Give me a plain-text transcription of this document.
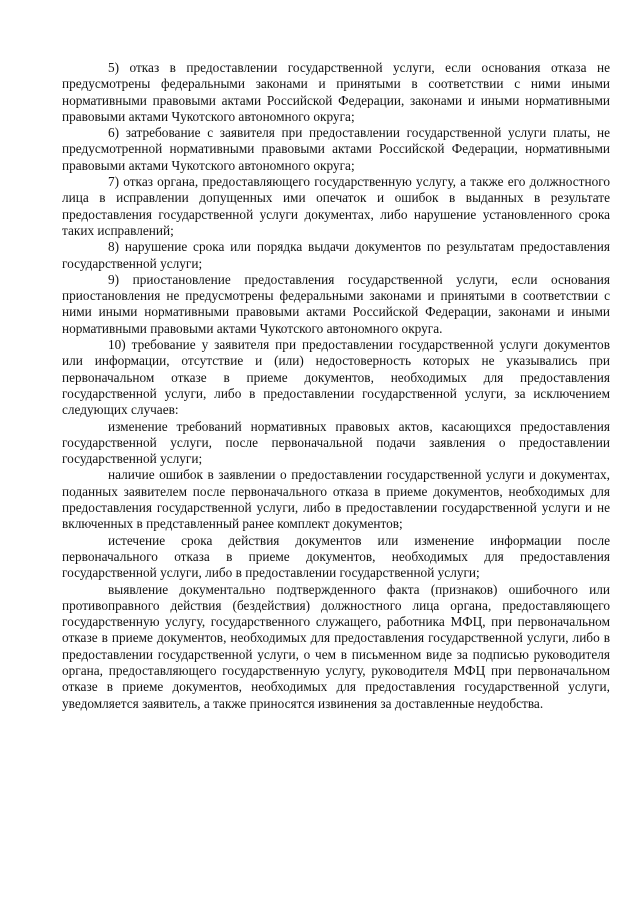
5) отказ в предоставлении государственной услуги, если основания отказа не предусмотрены федеральными законами и принятыми в соответствии с ними иными нормативными правовыми актами Российской Федерации, законами и иными нормативными правовыми актами Чукотского автономного округа;

6) затребование с заявителя при предоставлении государственной услуги платы, не предусмотренной нормативными правовыми актами Российской Федерации, нормативными правовыми актами Чукотского автономного округа;

7) отказ органа, предоставляющего государственную услугу, а также его должностного лица в исправлении допущенных ими опечаток и ошибок в выданных в результате предоставления государственной услуги документах, либо нарушение установленного срока таких исправлений;

8) нарушение срока или порядка выдачи документов по результатам предоставления государственной услуги;

9) приостановление предоставления государственной услуги, если основания приостановления не предусмотрены федеральными законами и принятыми в соответствии с ними иными нормативными правовыми актами Российской Федерации, законами и иными нормативными правовыми актами Чукотского автономного округа.

10) требование у заявителя при предоставлении государственной услуги документов или информации, отсутствие и (или) недостоверность которых не указывались при первоначальном отказе в приеме документов, необходимых для предоставления государственной услуги, либо в предоставлении государственной услуги, за исключением следующих случаев:

изменение требований нормативных правовых актов, касающихся предоставления государственной услуги, после первоначальной подачи заявления о предоставлении государственной услуги;

наличие ошибок в заявлении о предоставлении государственной услуги и документах, поданных заявителем после первоначального отказа в приеме документов, необходимых для предоставления государственной услуги, либо в предоставлении государственной услуги и не включенных в представленный ранее комплект документов;

истечение срока действия документов или изменение информации после первоначального отказа в приеме документов, необходимых для предоставления государственной услуги, либо в предоставлении государственной услуги;

выявление документально подтвержденного факта (признаков) ошибочного или противоправного действия (бездействия) должностного лица органа, предоставляющего государственную услугу, государственного служащего, работника МФЦ, при первоначальном отказе в приеме документов, необходимых для предоставления государственной услуги, либо в предоставлении государственной услуги, о чем в письменном виде за подписью руководителя органа, предоставляющего государственную услугу, руководителя МФЦ при первоначальном отказе в приеме документов, необходимых для предоставления государственной услуги, уведомляется заявитель, а также приносятся извинения за доставленные неудобства.
